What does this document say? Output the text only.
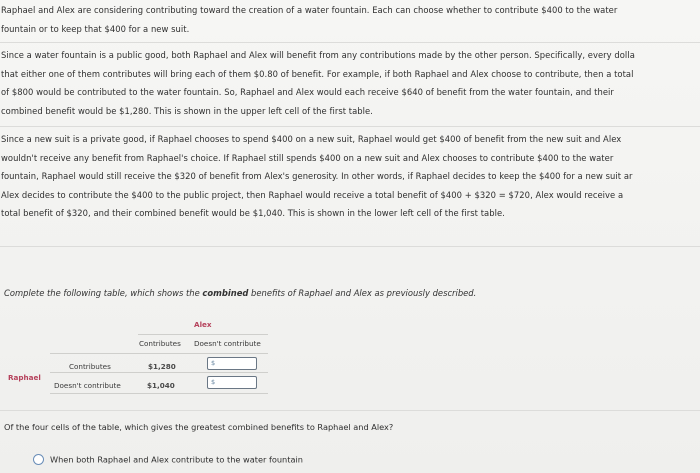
Raphael and Alex are considering contributing toward the creation of a water fountain. Each can choose whether to contribute $400 to the water
fountain or to keep that $400 for a new suit.
Since a water fountain is a public good, both Raphael and Alex will benefit from any contributions made by the other person. Specifically, every dolla
that either one of them contributes will bring each of them $0.80 of benefit. For example, if both Raphael and Alex choose to contribute, then a total
of $800 would be contributed to the water fountain. So, Raphael and Alex would each receive $640 of benefit from the water fountain, and their
combined benefit would be $1,280. This is shown in the upper left cell of the first table.
Since a new suit is a private good, if Raphael chooses to spend $400 on a new suit, Raphael would get $400 of benefit from the new suit and Alex
wouldn't receive any benefit from Raphael's choice. If Raphael still spends $400 on a new suit and Alex chooses to contribute $400 to the water
fountain, Raphael would still receive the $320 of benefit from Alex's generosity. In other words, if Raphael decides to keep the $400 for a new suit ar
Alex decides to contribute the $400 to the public project, then Raphael would receive a total benefit of $400 + $320 = $720, Alex would receive a
total benefit of $320, and their combined benefit would be $1,040. This is shown in the lower left cell of the first table.
Complete the following table, which shows the combined benefits of Raphael and Alex as previously described.
Alex
Contributes Doesn't contribute
Raphael
Contributes
Doesn't contribute
$1,280
$1,040
$
$
Of the four cells of the table, which gives the greatest combined benefits to Raphael and Alex?
When both Raphael and Alex contribute to the water fountain
